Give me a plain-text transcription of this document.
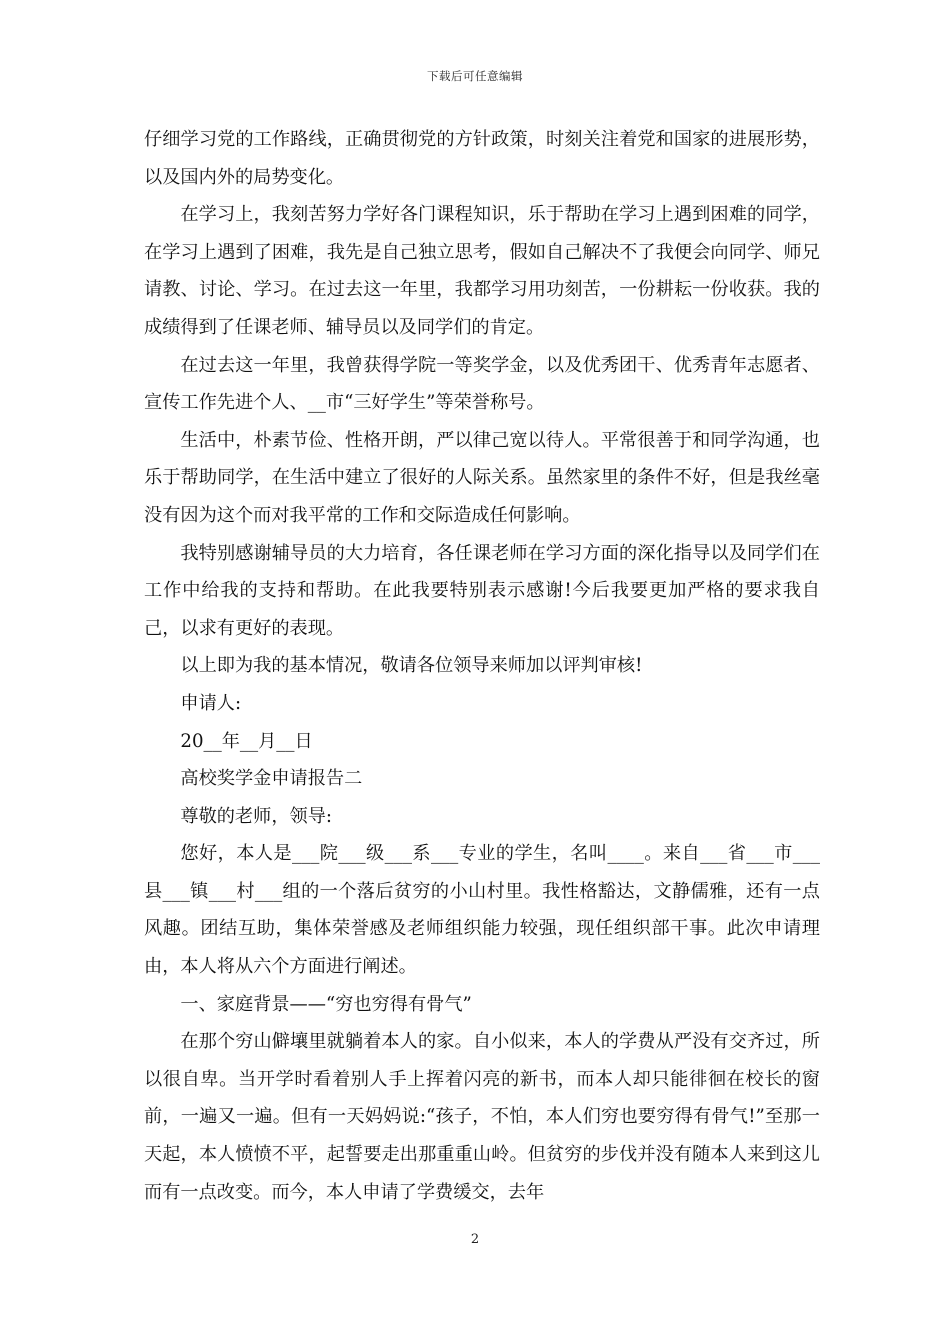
下载后可任意编辑

仔细学习党的工作路线，正确贯彻党的方针政策，时刻关注着党和国家的进展形势，以及国内外的局势变化。

在学习上，我刻苦努力学好各门课程知识，乐于帮助在学习上遇到困难的同学，在学习上遇到了困难，我先是自己独立思考，假如自己解决不了我便会向同学、师兄请教、讨论、学习。在过去这一年里，我都学习用功刻苦，一份耕耘一份收获。我的成绩得到了任课老师、辅导员以及同学们的肯定。

在过去这一年里，我曾获得学院一等奖学金，以及优秀团干、优秀青年志愿者、宣传工作先进个人、__市“三好学生”等荣誉称号。

生活中，朴素节俭、性格开朗，严以律己宽以待人。平常很善于和同学沟通，也乐于帮助同学，在生活中建立了很好的人际关系。虽然家里的条件不好，但是我丝毫没有因为这个而对我平常的工作和交际造成任何影响。

我特别感谢辅导员的大力培育，各任课老师在学习方面的深化指导以及同学们在工作中给我的支持和帮助。在此我要特别表示感谢!今后我要更加严格的要求我自己，以求有更好的表现。

以上即为我的基本情况，敬请各位领导来师加以评判审核!

申请人:

20__年__月__日

高校奖学金申请报告二

尊敬的老师，领导:

您好，本人是___院___级___系___专业的学生，名叫____。来自___省___市___县___镇___村___组的一个落后贫穷的小山村里。我性格豁达，文静儒雅，还有一点风趣。团结互助，集体荣誉感及老师组织能力较强，现任组织部干事。此次申请理由，本人将从六个方面进行阐述。

一、家庭背景——“穷也穷得有骨气”

在那个穷山僻壤里就躺着本人的家。自小似来，本人的学费从严没有交齐过，所以很自卑。当开学时看着别人手上挥着闪亮的新书，而本人却只能徘徊在校长的窗前，一遍又一遍。但有一天妈妈说:“孩子，不怕，本人们穷也要穷得有骨气!”至那一天起，本人愤愤不平，起誓要走出那重重山岭。但贫穷的步伐并没有随本人来到这儿而有一点改变。而今，本人申请了学费缓交，去年

2
